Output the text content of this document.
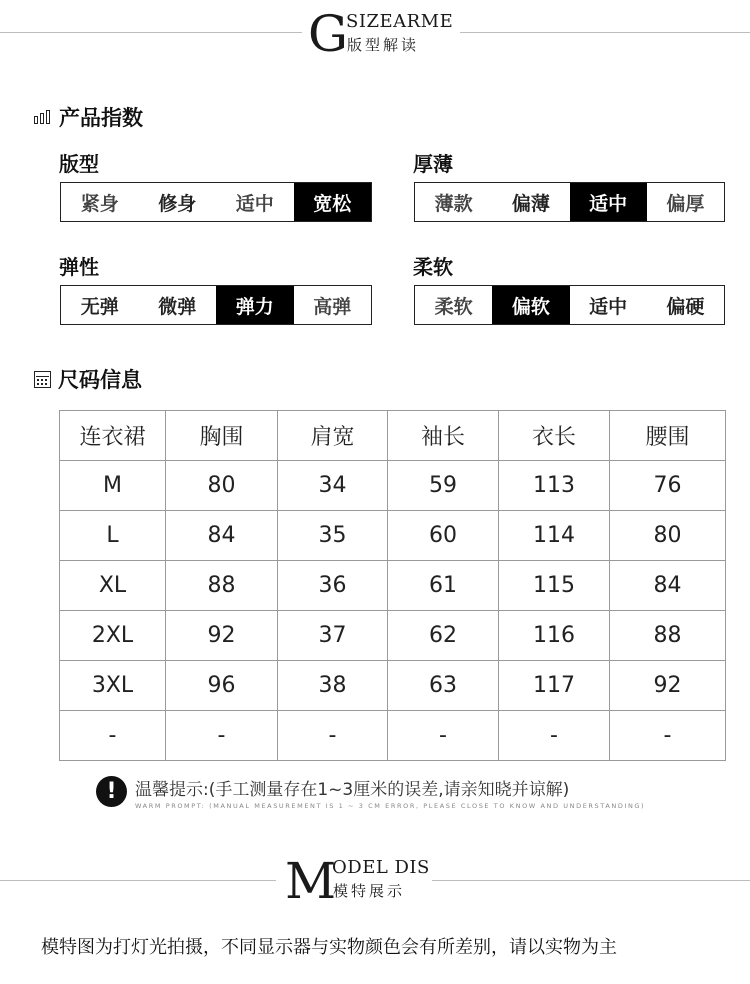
G
SIZEARME
版型解读
产品指数
版型
紧身	修身	适中	宽松
厚薄
薄款	偏薄	适中	偏厚
弹性
无弹	微弹	弹力	高弹
柔软
柔软	偏软	适中	偏硬
尺码信息
连衣裙	胸围	肩宽	袖长	衣长	腰围
M	80	34	59	113	76
L	84	35	60	114	80
XL	88	36	61	115	84
2XL	92	37	62	116	88
3XL	96	38	63	117	92
-	-	-	-	-	-
!	温馨提示:(手工测量存在1~3厘米的误差,请亲知晓并谅解)
WARM PROMPT: (MANUAL MEASUREMENT IS 1 ~ 3 CM ERROR, PLEASE CLOSE TO KNOW AND UNDERSTANDING)
M
ODEL DIS
模特展示
模特图为打灯光拍摄，不同显示器与实物颜色会有所差别，请以实物为主
